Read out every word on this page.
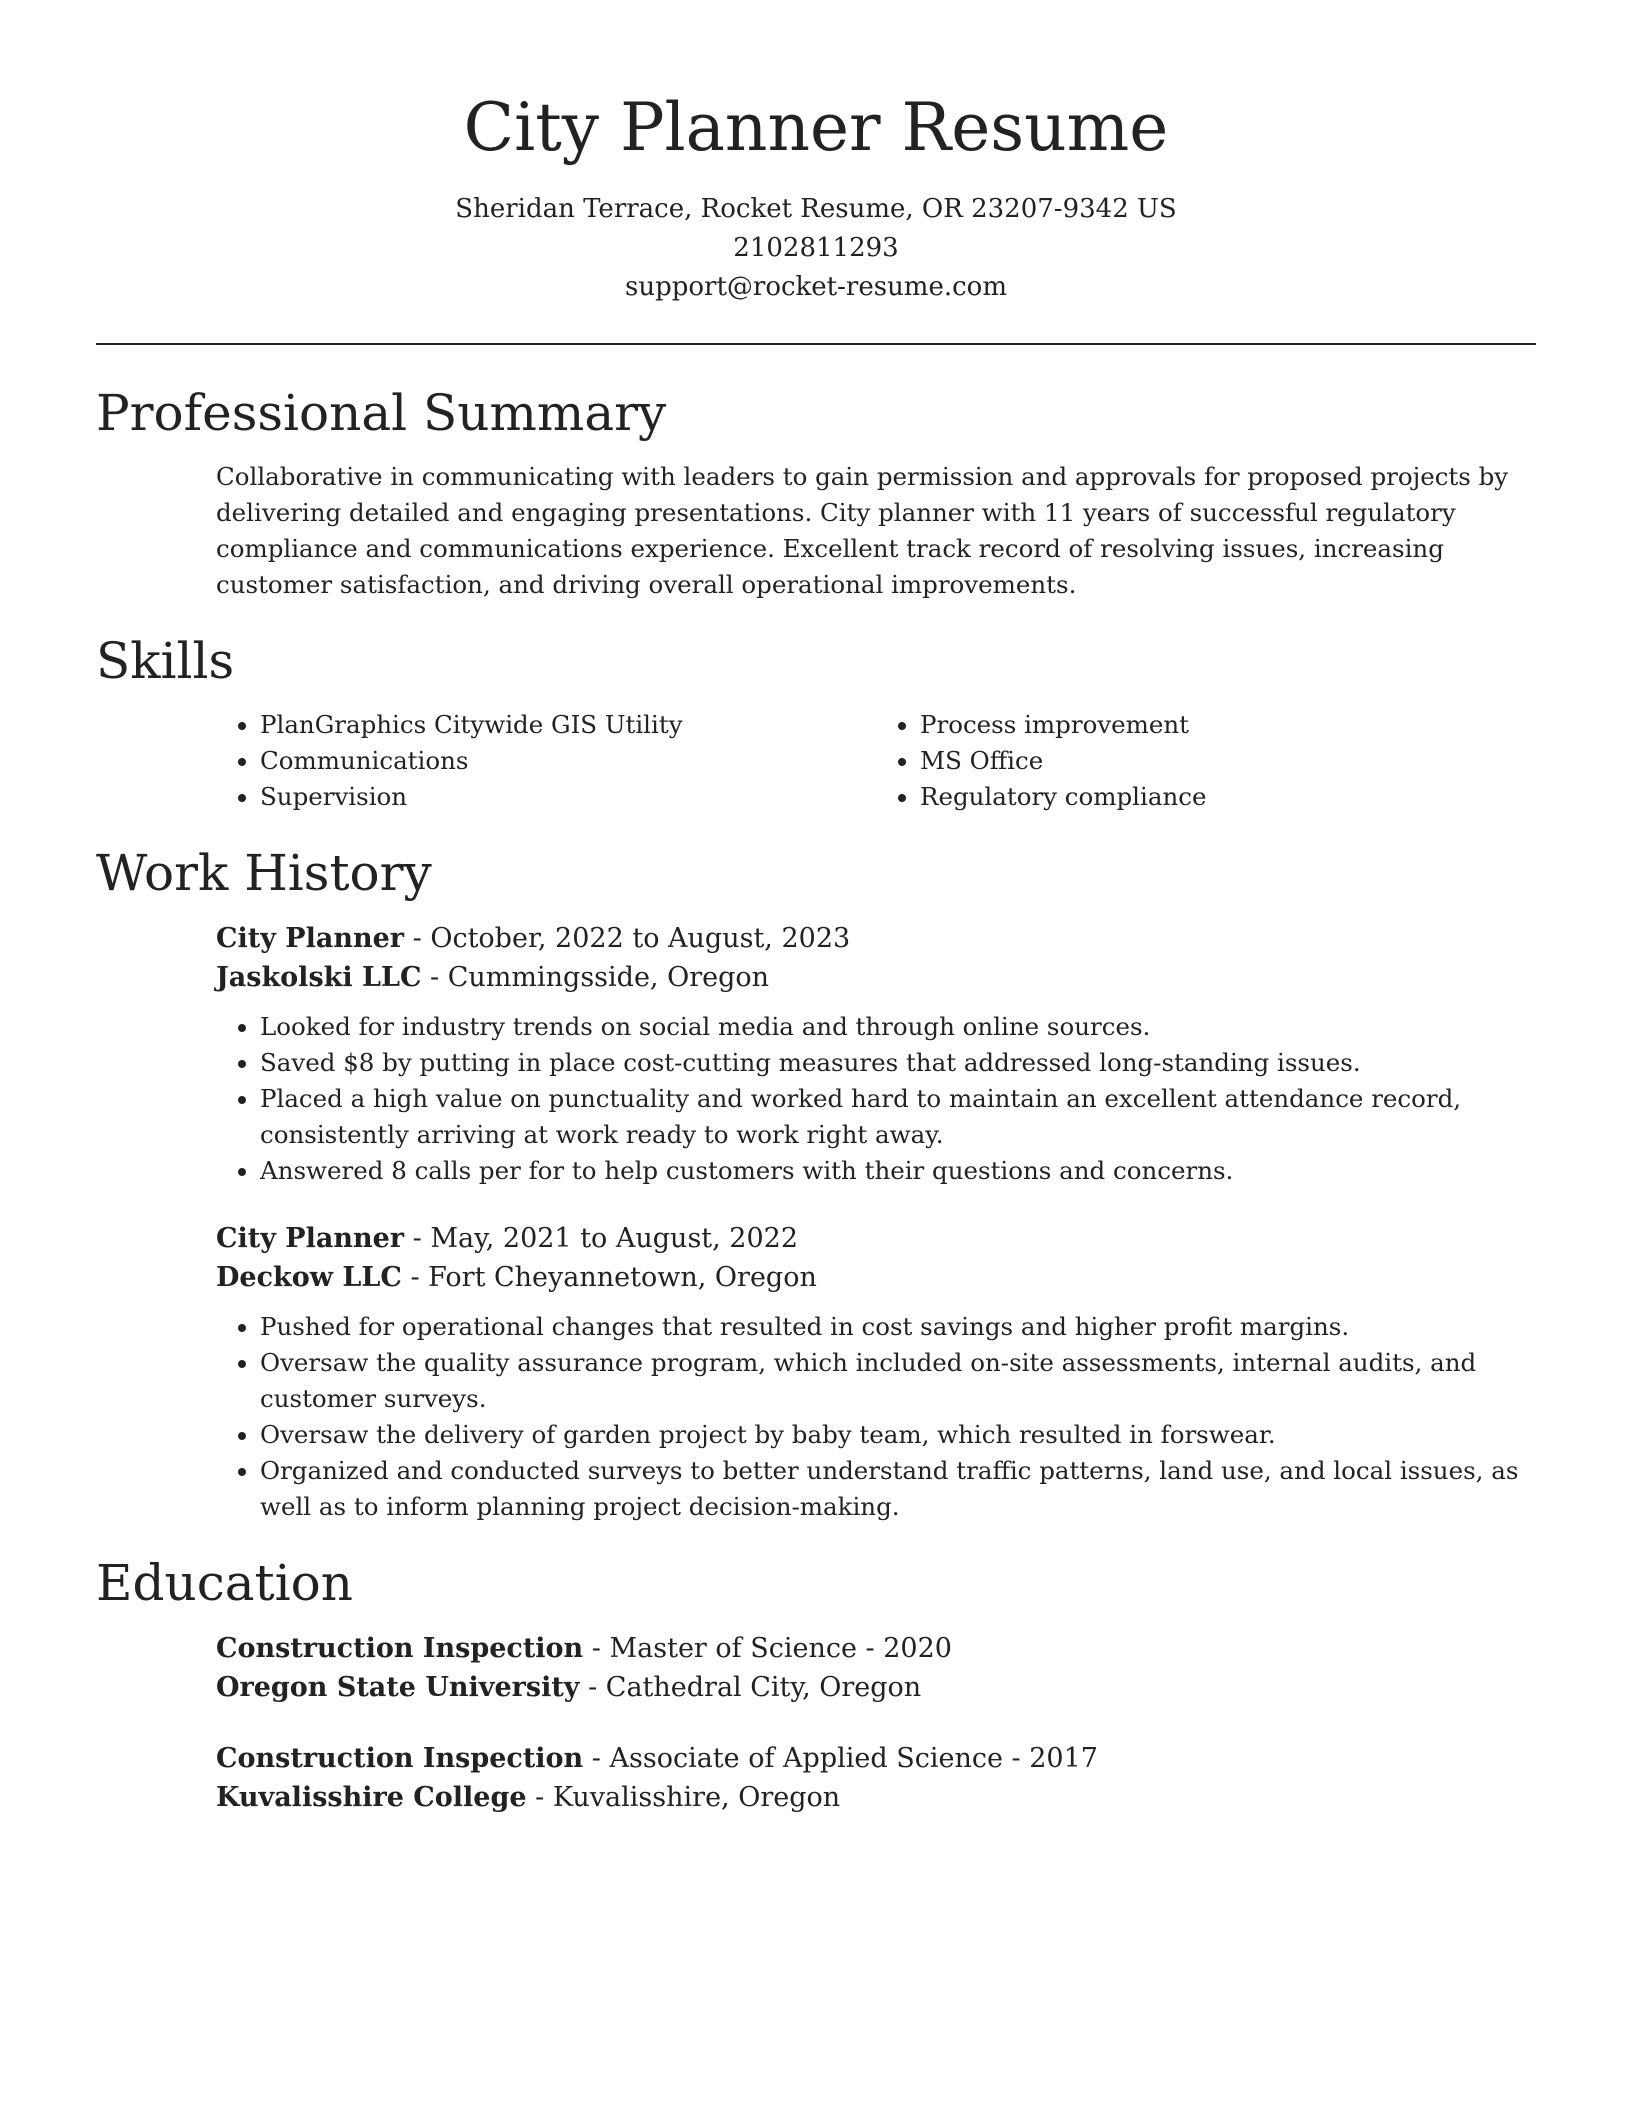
City Planner Resume
Sheridan Terrace, Rocket Resume, OR 23207-9342 US
2102811293
support@rocket-resume.com
Professional Summary

Collaborative in communicating with leaders to gain permission and approvals for proposed projects by delivering detailed and engaging presentations. City planner with 11 years of successful regulatory compliance and communications experience. Excellent track record of resolving issues, increasing customer satisfaction, and driving overall operational improvements.

Skills
• PlanGraphics Citywide GIS Utility
• Communications
• Supervision
• Process improvement
• MS Office
• Regulatory compliance
Work History
City Planner - October, 2022 to August, 2023
Jaskolski LLC - Cummingsside, Oregon
• Looked for industry trends on social media and through online sources.
• Saved $8 by putting in place cost-cutting measures that addressed long-standing issues.
• Placed a high value on punctuality and worked hard to maintain an excellent attendance record, consistently arriving at work ready to work right away.
• Answered 8 calls per for to help customers with their questions and concerns.
City Planner - May, 2021 to August, 2022
Deckow LLC - Fort Cheyannetown, Oregon
• Pushed for operational changes that resulted in cost savings and higher profit margins.
• Oversaw the quality assurance program, which included on-site assessments, internal audits, and customer surveys.
• Oversaw the delivery of garden project by baby team, which resulted in forswear.
• Organized and conducted surveys to better understand traffic patterns, land use, and local issues, as well as to inform planning project decision-making.
Education
Construction Inspection - Master of Science - 2020
Oregon State University - Cathedral City, Oregon
Construction Inspection - Associate of Applied Science - 2017
Kuvalisshire College - Kuvalisshire, Oregon
